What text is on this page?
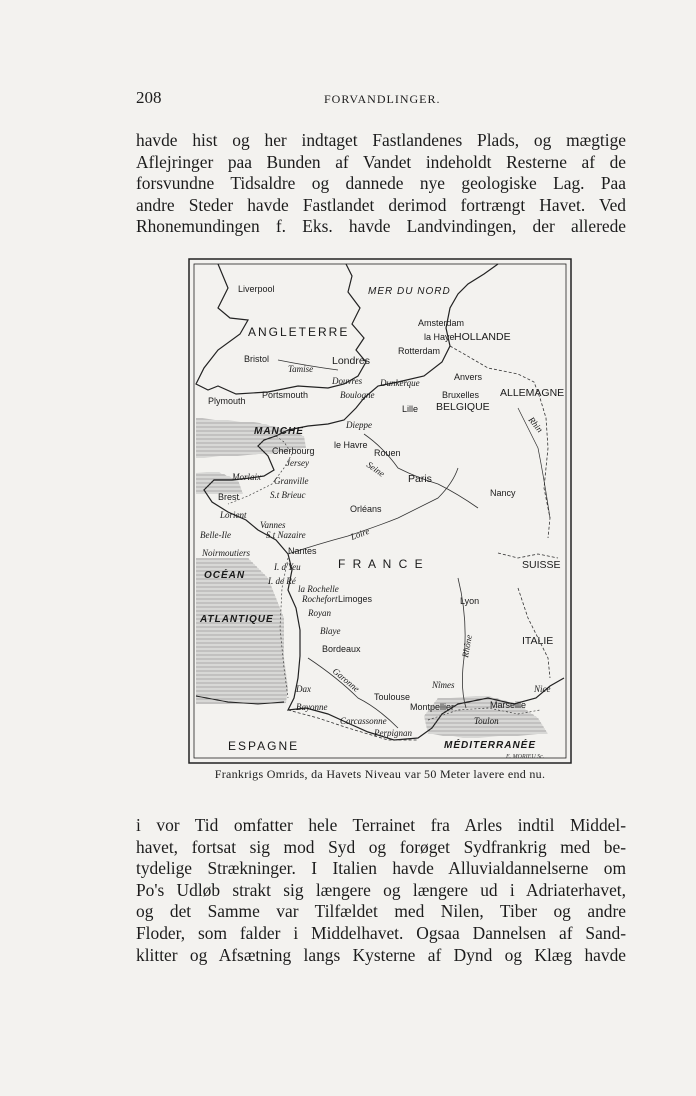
208	FORVANDLINGER.

havde hist og her indtaget Fastlandenes Plads, og mægtige
Aflejringer paa Bunden af Vandet indeholdt Resterne af de
forsvundne Tidsaldre og dannede nye geologiske Lag. Paa
andre Steder havde Fastlandet derimod fortrængt Havet. Ved
Rhonemundingen f. Eks. havde Landvindingen, der allerede

MER DU NORD
MANCHE
OCÉAN
ATLANTIQUE
MÉDITERRANÉE
ANGLETERRE
F R A N C E
ESPAGNE
HOLLANDE
BELGIQUE
ALLEMAGNE
SUISSE
ITALIE
Liverpool
Bristol	Londres
Plymouth
Portsmouth
Douvres
Boulogne
Dunkerque
Amsterdam
la Haye
Rotterdam
Anvers
Bruxelles
Lille
Dieppe
le Havre
Rouen
Cherbourg
Jersey
Paris
Nancy
Morlaix Granville
Brest	S.t Brieuc
Lorient
Vannes
S.t Nazaire
Belle-Ile
Orléans
Noirmoutiers	Nantes
I. d'Yeu
I. de Ré
la Rochelle
Rochefort Limoges
Royan
Blaye
Bordeaux
Lyon
Dax
Bayonne
Toulouse
Nîmes
Montpellier	Marseille
Nice
Toulon
Carcassonne
Perpignan
Tamise
Seine
Loire
Garonne
Rhône
Rhin
E. MORIEU Sc.
Frankrigs Omrids, da Havets Niveau var 50 Meter lavere end nu.

i vor Tid omfatter hele Terrainet fra Arles indtil Middel-
havet, fortsat sig mod Syd og forøget Sydfrankrig med be-
tydelige Strækninger. I Italien havde Alluvialdannelserne om
Po's Udløb strakt sig længere og længere ud i Adriaterhavet,
og det Samme var Tilfældet med Nilen, Tiber og andre
Floder, som falder i Middelhavet. Ogsaa Dannelsen af Sand-
klitter og Afsætning langs Kysterne af Dynd og Klæg havde
